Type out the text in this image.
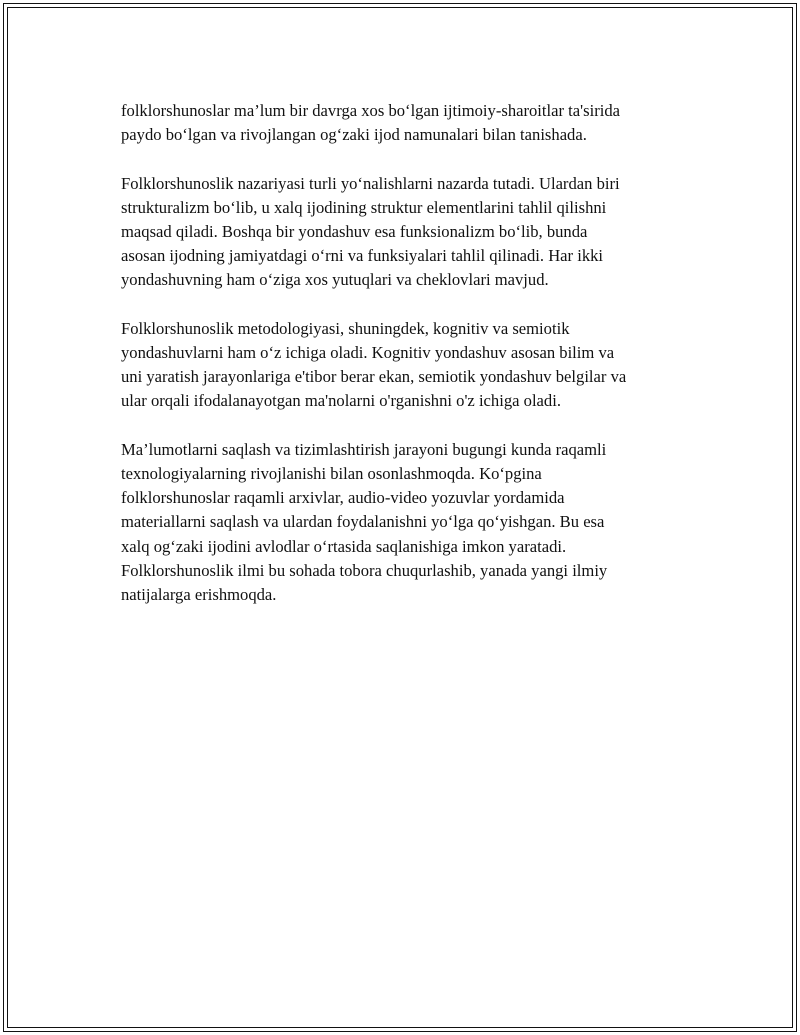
folklorshunoslar ma’lum bir davrga xos bo‘lgan ijtimoiy-sharoitlar ta'sirida
paydo bo‘lgan va rivojlangan og‘zaki ijod namunalari bilan tanishada.

Folklorshunoslik nazariyasi turli yo‘nalishlarni nazarda tutadi. Ulardan biri
strukturalizm bo‘lib, u xalq ijodining struktur elementlarini tahlil qilishni
maqsad qiladi. Boshqa bir yondashuv esa funksionalizm bo‘lib, bunda
asosan ijodning jamiyatdagi o‘rni va funksiyalari tahlil qilinadi. Har ikki
yondashuvning ham o‘ziga xos yutuqlari va cheklovlari mavjud.

Folklorshunoslik metodologiyasi, shuningdek, kognitiv va semiotik
yondashuvlarni ham o‘z ichiga oladi. Kognitiv yondashuv asosan bilim va
uni yaratish jarayonlariga e'tibor berar ekan, semiotik yondashuv belgilar va
ular orqali ifodalanayotgan ma'nolarni o'rganishni o'z ichiga oladi.

Ma’lumotlarni saqlash va tizimlashtirish jarayoni bugungi kunda raqamli
texnologiyalarning rivojlanishi bilan osonlashmoqda. Ko‘pgina
folklorshunoslar raqamli arxivlar, audio-video yozuvlar yordamida
materiallarni saqlash va ulardan foydalanishni yo‘lga qo‘yishgan. Bu esa
xalq og‘zaki ijodini avlodlar o‘rtasida saqlanishiga imkon yaratadi.
Folklorshunoslik ilmi bu sohada tobora chuqurlashib, yanada yangi ilmiy
natijalarga erishmoqda.
